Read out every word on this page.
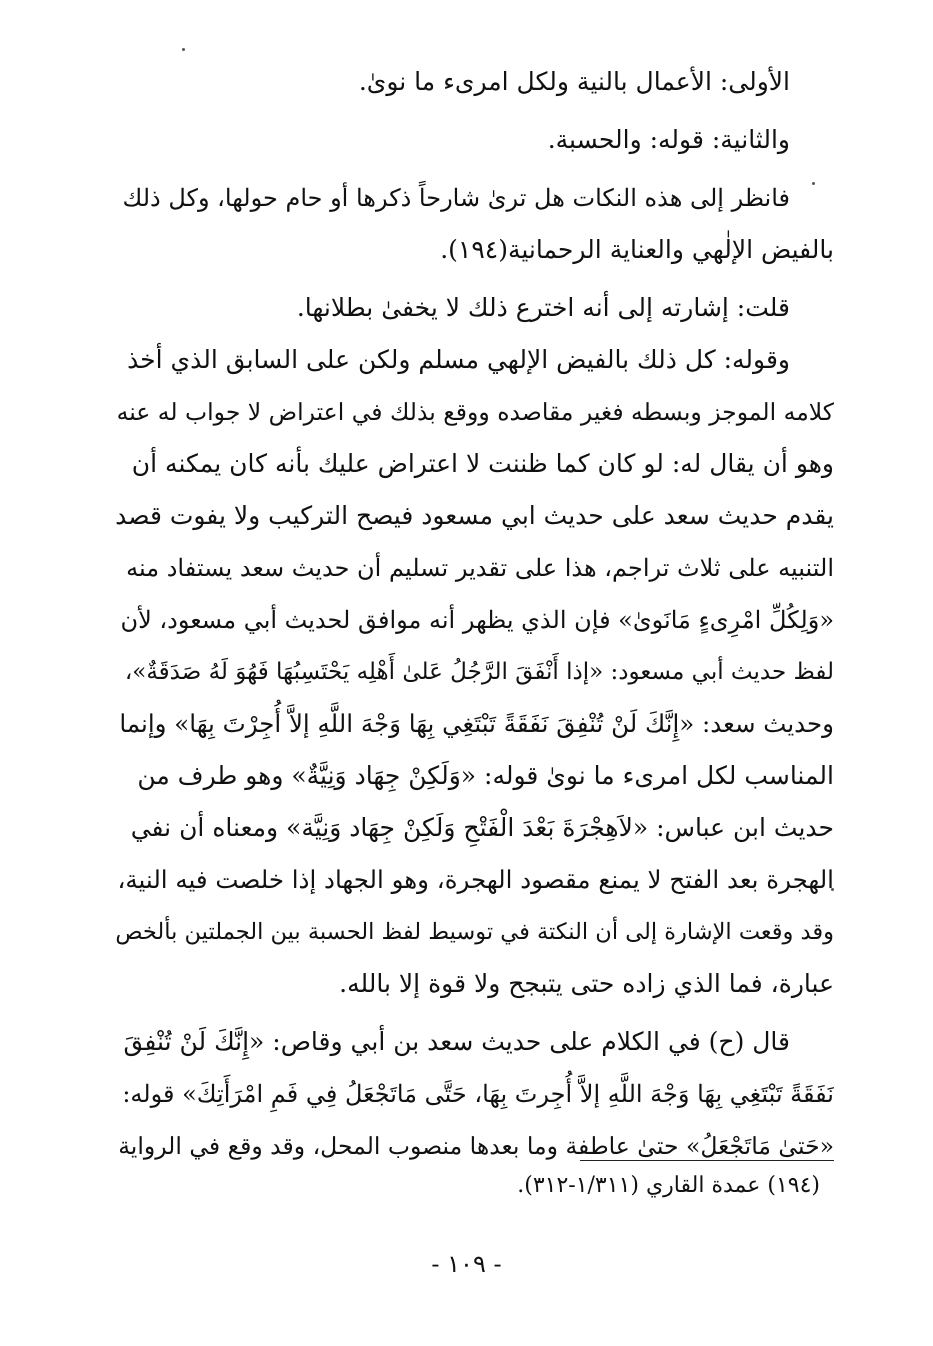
الأولى: الأعمال بالنية ولكل امرىء ما نوىٰ.
والثانية: قوله: والحسبة.
فانظر إلى هذه النكات هل ترىٰ شارحاً ذكرها أو حام حولها، وكل ذلك
بالفيض الإلٰهي والعناية الرحمانية(١٩٤).
قلت: إشارته إلى أنه اخترع ذلك لا يخفىٰ بطلانها.
وقوله: كل ذلك بالفيض الإلهي مسلم ولكن على السابق الذي أخذ
كلامه الموجز وبسطه فغير مقاصده ووقع بذلك في اعتراض لا جواب له عنه
وهو أن يقال له: لو كان كما ظننت لا اعتراض عليك بأنه كان يمكنه أن
يقدم حديث سعد على حديث ابي مسعود فيصح التركيب ولا يفوت قصد
التنبيه على ثلاث تراجم، هذا على تقدير تسليم أن حديث سعد يستفاد منه
«وَلِكُلِّ امْرِىءٍ مَانَوىٰ» فإن الذي يظهر أنه موافق لحديث أبي مسعود، لأن
لفظ حديث أبي مسعود: «إذا أَنْفَقَ الرَّجُلُ عَلىٰ أَهْلِه يَحْتَسِبُهَا فَهُوَ لَهُ صَدَقَةٌ»،
وحديث سعد: «إِنَّكَ لَنْ تُنْفِقَ نَفَقَةً تَبْتَغِي بِهَا وَجْهَ اللَّهِ إلاَّ أُجِرْتَ بِهَا» وإنما
المناسب لكل امرىء ما نوىٰ قوله: «وَلَكِنْ جِهَاد وَنِيَّةٌ» وهو طرف من
حديث ابن عباس: «لاَهِجْرَةَ بَعْدَ الْفَتْحِ وَلَكِنْ جِهَاد وَنِيَّة» ومعناه أن نفي
الهجرة بعد الفتح لا يمنع مقصود الهجرة، وهو الجهاد إذا خلصت فيه النية،
وقد وقعت الإشارة إلى أن النكتة في توسيط لفظ الحسبة بين الجملتين بألخص
عبارة، فما الذي زاده حتى يتبجح ولا قوة إلا بالله.
قال (ح) في الكلام على حديث سعد بن أبي وقاص: «إِنَّكَ لَنْ تُنْفِقَ
نَفَقَةً تَبْتَغِي بِهَا وَجْهَ اللَّهِ إلاَّ أُجِرتَ بِهَا، حَتَّى مَاتَجْعَلُ فِي فَمِ امْرَأَتِكَ» قوله:
«حَتىٰ مَاتَجْعَلُ» حتىٰ عاطفة وما بعدها منصوب المحل، وقد وقع في الرواية
(١٩٤) عمدة القاري (١/٣١١-٣١٢).
- ١٠٩ -
